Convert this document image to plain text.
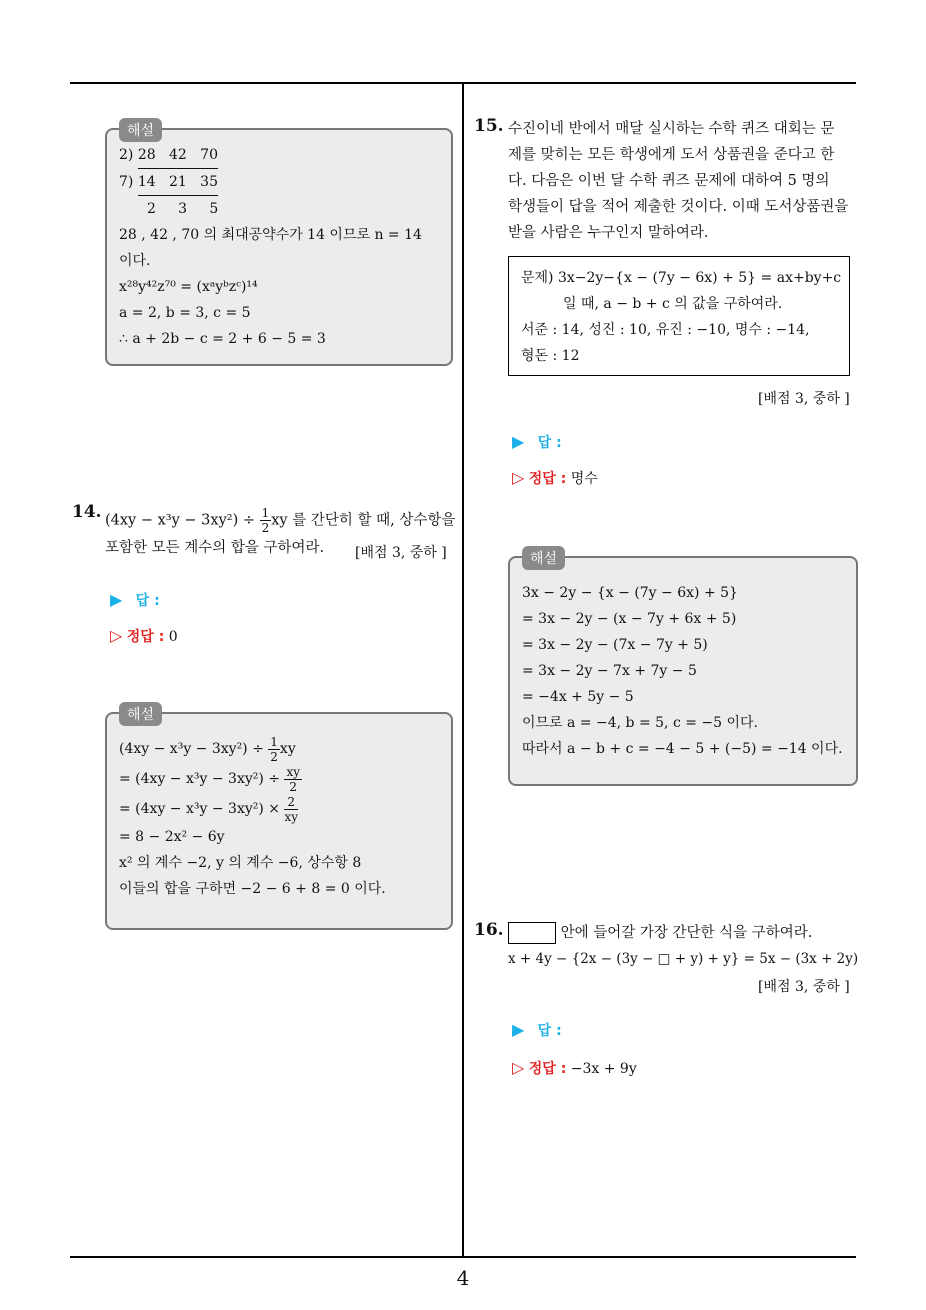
해설
2) 28   42   70
7) 14   21   35
2     3     5
28 , 42 , 70 의 최대공약수가 14 이므로 n = 14
이다.
x²⁸y⁴²z⁷⁰ = (xᵃyᵇzᶜ)¹⁴
a = 2, b = 3, c = 5
∴ a + 2b − c = 2 + 6 − 5 = 3
14. $(4xy - x^3y - 3xy^2) \div \frac{1}{2}$ xy 를 간단히 할 때, 상수항을
포함한 모든 계수의 합을 구하여라.	[배점 3, 중하 ]
▶ 답 :
▷ 정답 : 0
해설
$(4xy - x^3y - 3xy^2) \div \frac{1}{2}$ xy
= $(4xy - x^3y - 3xy^2) \div \frac{xy}{2}$
= $(4xy - x^3y - 3xy^2) \times \frac{2}{xy}$
= 8 − 2x² − 6y
x² 의 계수 −2, y 의 계수 −6, 상수항 8
이들의 합을 구하면 −2 − 6 + 8 = 0 이다.
15. 수진이네 반에서 매달 실시하는 수학 퀴즈 대회는 문
제를 맞히는 모든 학생에게 도서 상품권을 준다고 한
다. 다음은 이번 달 수학 퀴즈 문제에 대하여 5 명의
학생들이 답을 적어 제출한 것이다. 이때 도서상품권을
받을 사람은 누구인지 말하여라.
문제) 3x−2y−{x − (7y − 6x) + 5} = ax+by+c
일 때, a − b + c 의 값을 구하여라.
서준 : 14, 성진 : 10, 유진 : −10, 명수 : −14,
형돈 : 12
[배점 3, 중하 ]
▶ 답 :
▷ 정답 : 명수
해설
3x − 2y − {x − (7y − 6x) + 5}
= 3x − 2y − (x − 7y + 6x + 5)
= 3x − 2y − (7x − 7y + 5)
= 3x − 2y − 7x + 7y − 5
= −4x + 5y − 5
이므로 a = −4, b = 5, c = −5 이다.
따라서 a − b + c = −4 − 5 + (−5) = −14 이다.
16.	안에 들어갈 가장 간단한 식을 구하여라.
x + 4y − {2x − (3y − □ + y) + y} = 5x − (3x + 2y)
[배점 3, 중하 ]
▶ 답 :
▷ 정답 : −3x + 9y
4
